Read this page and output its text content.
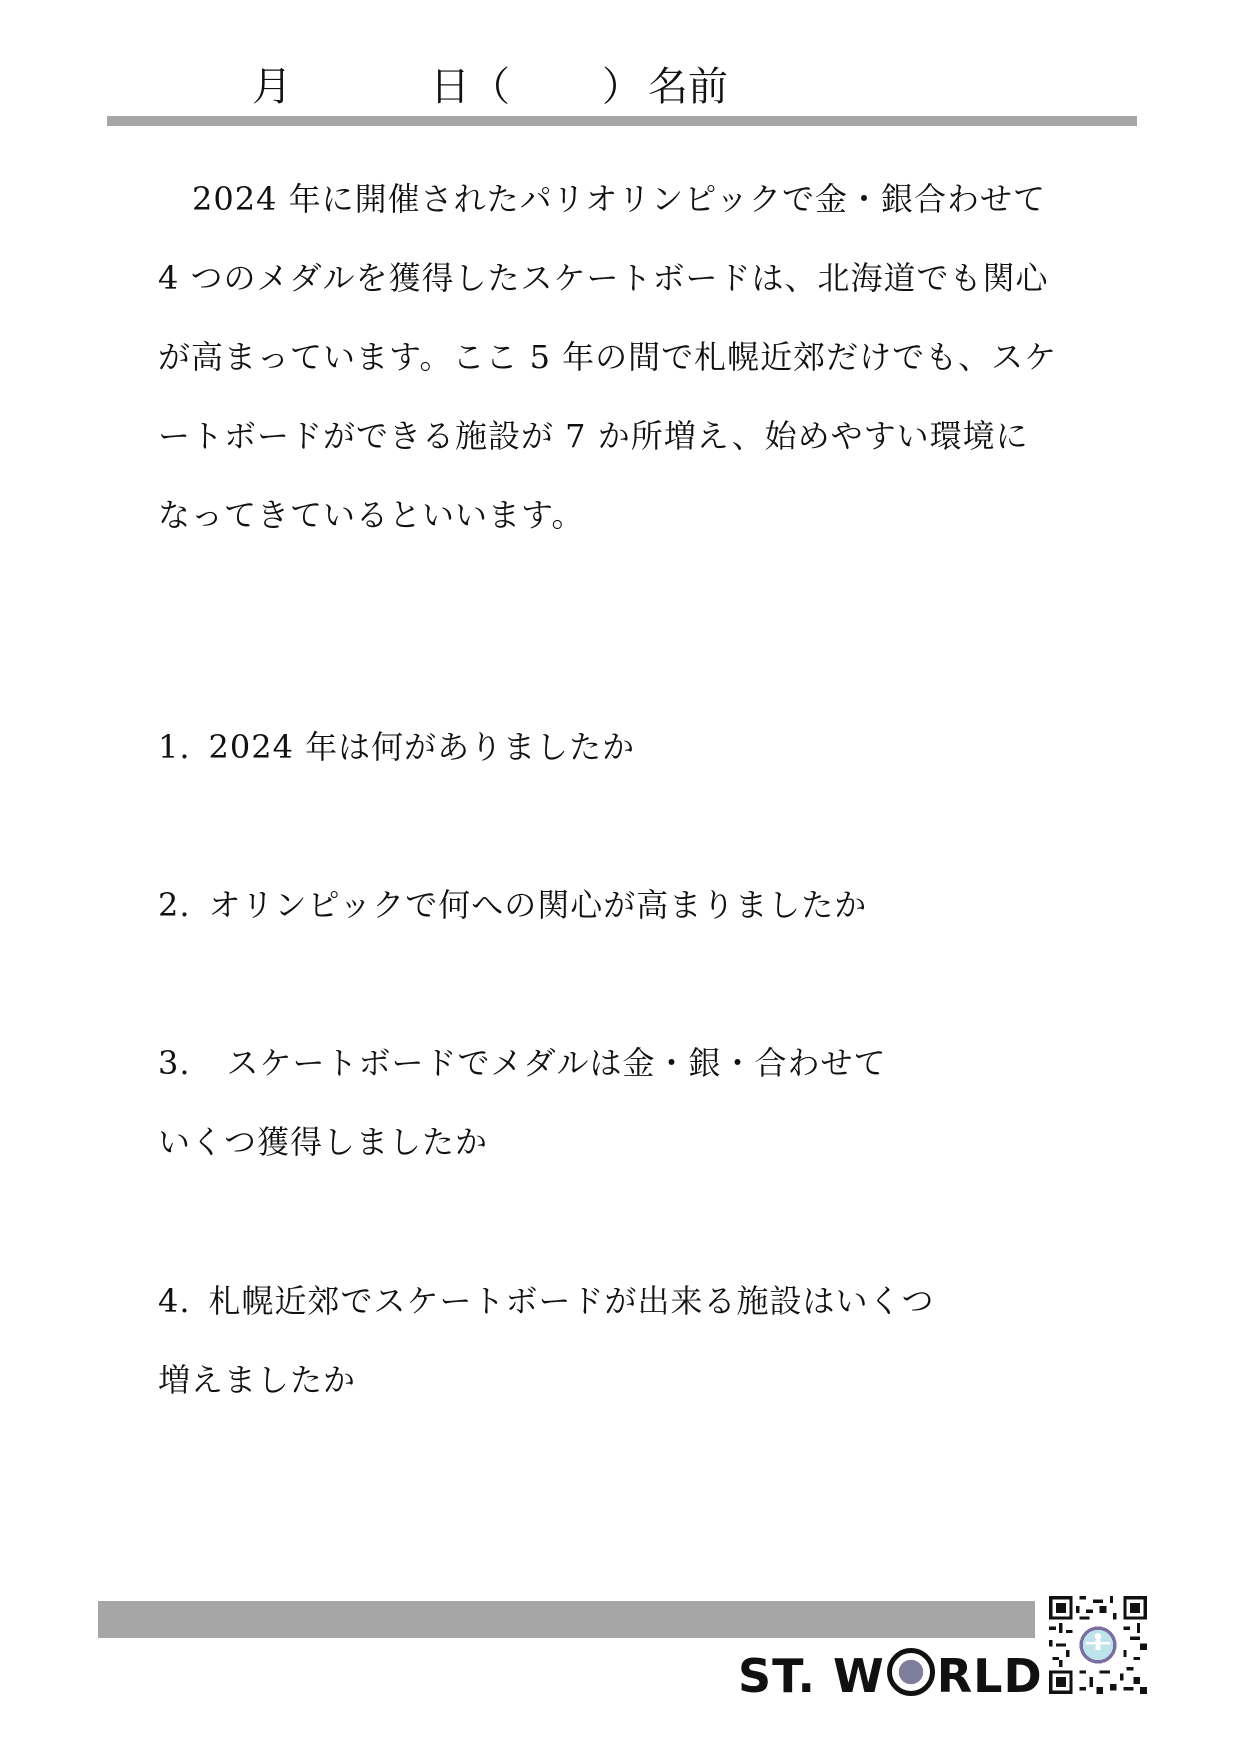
月	日（ ） 名前

2024 年に開催されたパリオリンピックで金・銀合わせて

4 つのメダルを獲得したスケートボードは、北海道でも関心

が高まっています。ここ 5 年の間で札幌近郊だけでも、スケ

ートボードができる施設が 7 か所増え、始めやすい環境に

なってきているといいます。

1. 2024 年は何がありましたか

2. オリンピックで何への関心が高まりましたか

3. スケートボードでメダルは金・銀・合わせて

いくつ獲得しましたか

4. 札幌近郊でスケートボードが出来る施設はいくつ

増えましたか

ST. W RLD
